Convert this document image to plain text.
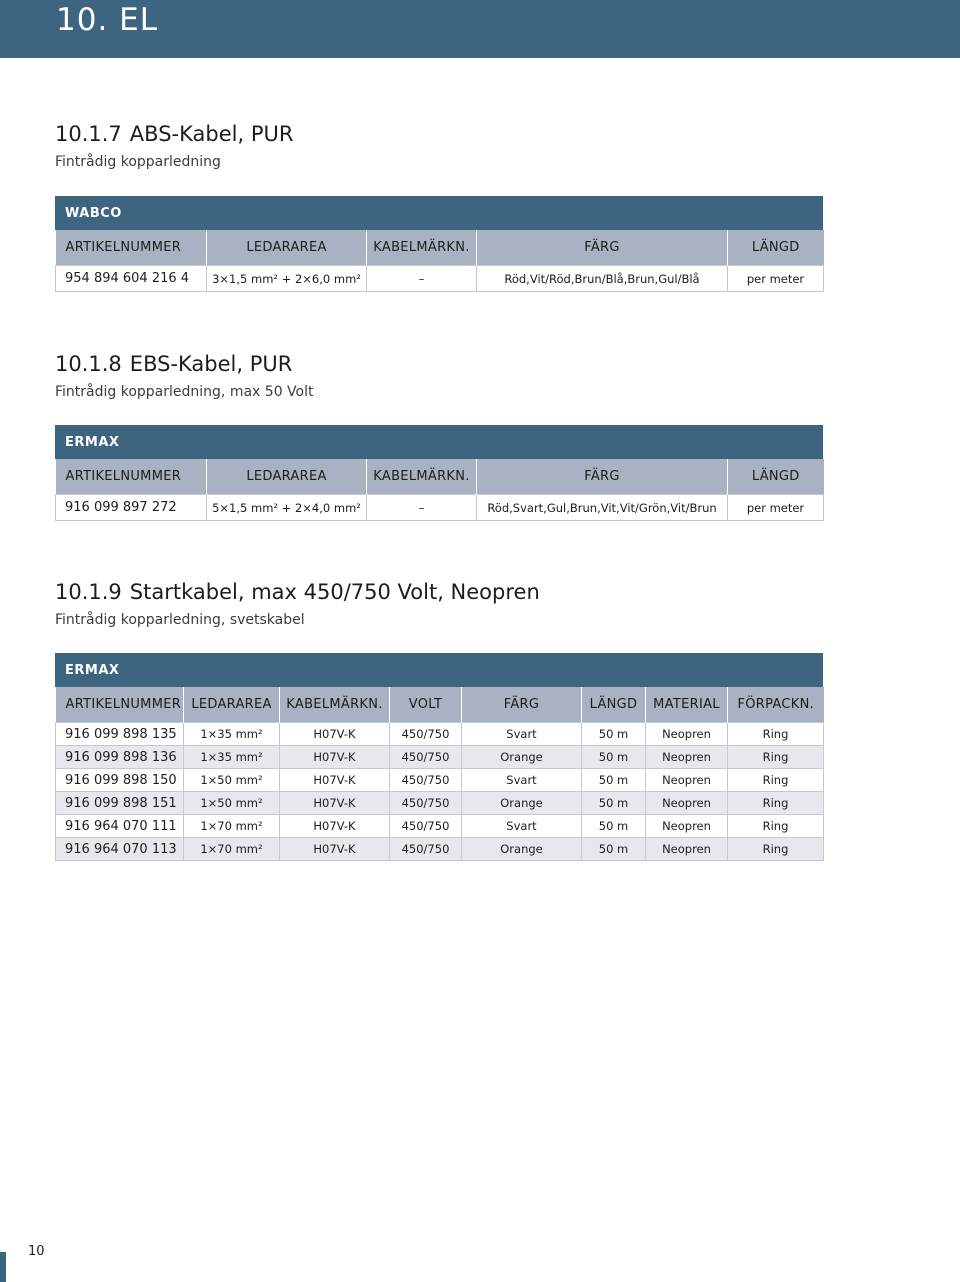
10. EL
10.1.7 ABS-Kabel, PUR
Fintrådig kopparledning
WABCO
ARTIKELNUMMER	LEDARAREA	KABELMÄRKN.	FÄRG	LÄNGD
954 894 604 216 4	3×1,5 mm² + 2×6,0 mm²	–	Röd,Vit/Röd,Brun/Blå,Brun,Gul/Blå	per meter
10.1.8 EBS-Kabel, PUR
Fintrådig kopparledning, max 50 Volt
ERMAX
ARTIKELNUMMER	LEDARAREA	KABELMÄRKN.	FÄRG	LÄNGD
916 099 897 272	5×1,5 mm² + 2×4,0 mm²	–	Röd,Svart,Gul,Brun,Vit,Vit/Grön,Vit/Brun	per meter
10.1.9 Startkabel, max 450/750 Volt, Neopren
Fintrådig kopparledning, svetskabel
ERMAX
ARTIKELNUMMER	LEDARAREA	KABELMÄRKN.	VOLT	FÄRG	LÄNGD	MATERIAL	FÖRPACKN.
916 099 898 135	1×35 mm²	H07V-K	450/750	Svart	50 m	Neopren	Ring
916 099 898 136	1×35 mm²	H07V-K	450/750	Orange	50 m	Neopren	Ring
916 099 898 150	1×50 mm²	H07V-K	450/750	Svart	50 m	Neopren	Ring
916 099 898 151	1×50 mm²	H07V-K	450/750	Orange	50 m	Neopren	Ring
916 964 070 111	1×70 mm²	H07V-K	450/750	Svart	50 m	Neopren	Ring
916 964 070 113	1×70 mm²	H07V-K	450/750	Orange	50 m	Neopren	Ring
10
